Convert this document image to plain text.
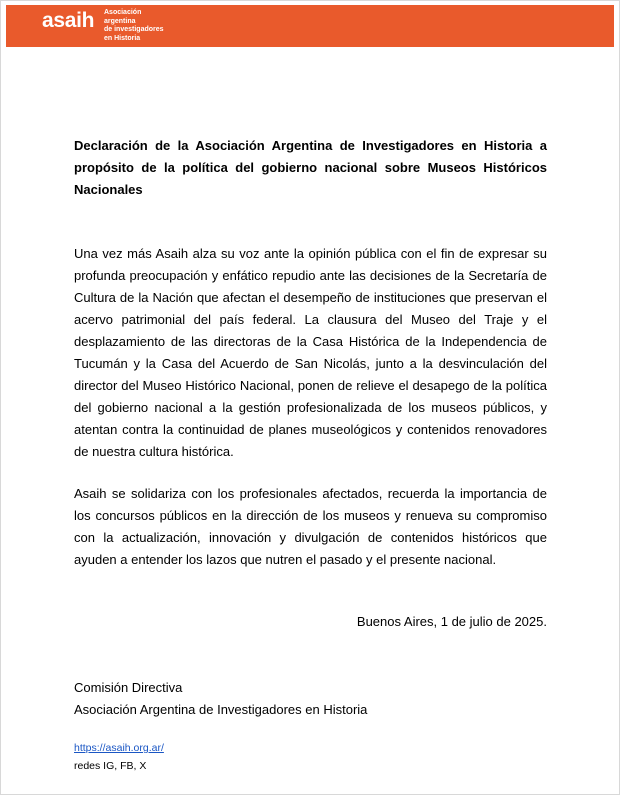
asaih Asociación
argentina
de investigadores
en Historia
Declaración de la Asociación Argentina de Investigadores en Historia a propósito de la política del gobierno nacional sobre Museos Históricos Nacionales

Una vez más Asaih alza su voz ante la opinión pública con el fin de expresar su profunda preocupación y enfático repudio ante las decisiones de la Secretaría de Cultura de la Nación que afectan el desempeño de instituciones que preservan el acervo patrimonial del país federal. La clausura del Museo del Traje y el desplazamiento de las directoras de la Casa Histórica de la Independencia de Tucumán y la Casa del Acuerdo de San Nicolás, junto a la desvinculación del director del Museo Histórico Nacional, ponen de relieve el desapego de la política del gobierno nacional a la gestión profesionalizada de los museos públicos, y atentan contra la continuidad de planes museológicos y contenidos renovadores de nuestra cultura histórica.

Asaih se solidariza con los profesionales afectados, recuerda la importancia de los concursos públicos en la dirección de los museos y renueva su compromiso con la actualización, innovación y divulgación de contenidos históricos que ayuden a entender los lazos que nutren el pasado y el presente nacional.

Buenos Aires, 1 de julio de 2025.
Comisión Directiva
Asociación Argentina de Investigadores en Historia
https://asaih.org.ar/
redes IG, FB, X
